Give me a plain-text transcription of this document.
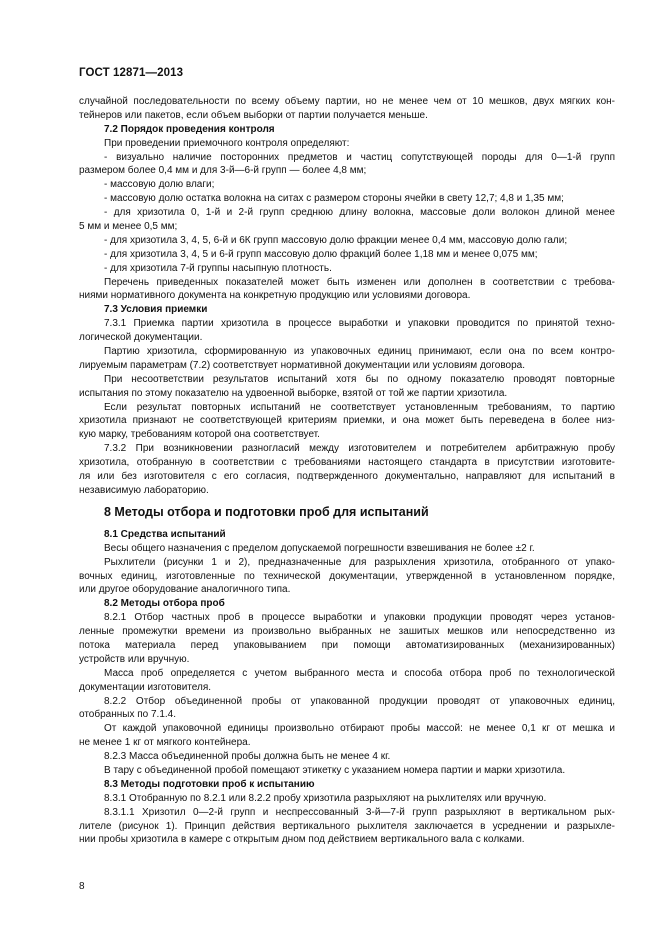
ГОСТ 12871—2013
случайной последовательности по всему объему партии, но не менее чем от 10 мешков, двух мягких кон-
тейнеров или пакетов, если объем выборки от партии получается меньше.
7.2 Порядок проведения контроля
При проведении приемочного контроля определяют:
- визуально наличие посторонних предметов и частиц сопутствующей породы для 0—1-й групп
размером более 0,4 мм и для 3-й—6-й групп — более 4,8 мм;
- массовую долю влаги;
- массовую долю остатка волокна на ситах с размером стороны ячейки в свету 12,7; 4,8 и 1,35 мм;
- для хризотила 0, 1-й и 2-й групп среднюю длину волокна, массовые доли волокон длиной менее
5 мм и менее 0,5 мм;
- для хризотила 3, 4, 5, 6-й и 6К групп массовую долю фракции менее 0,4 мм, массовую долю гали;
- для хризотила 3, 4, 5 и 6-й групп массовую долю фракций более 1,18 мм и менее 0,075 мм;
- для хризотила 7-й группы насыпную плотность.
Перечень приведенных показателей может быть изменен или дополнен в соответствии с требова-
ниями нормативного документа на конкретную продукцию или условиями договора.
7.3 Условия приемки
7.3.1 Приемка партии хризотила в процессе выработки и упаковки проводится по принятой техно-
логической документации.
Партию хризотила, сформированную из упаковочных единиц принимают, если она по всем контро-
лируемым параметрам (7.2) соответствует нормативной документации или условиям договора.
При несоответствии результатов испытаний хотя бы по одному показателю проводят повторные
испытания по этому показателю на удвоенной выборке, взятой от той же партии хризотила.
Если результат повторных испытаний не соответствует установленным требованиям, то партию
хризотила признают не соответствующей критериям приемки, и она может быть переведена в более низ-
кую марку, требованиям которой она соответствует.
7.3.2 При возникновении разногласий между изготовителем и потребителем арбитражную пробу
хризотила, отобранную в соответствии с требованиями настоящего стандарта в присутствии изготовите-
ля или без изготовителя с его согласия, подтвержденного документально, направляют для испытаний в
независимую лабораторию.
8 Методы отбора и подготовки проб для испытаний
8.1 Средства испытаний
Весы общего назначения с пределом допускаемой погрешности взвешивания не более ±2 г.
Рыхлители (рисунки 1 и 2), предназначенные для разрыхления хризотила, отобранного от упако-
вочных единиц, изготовленные по технической документации, утвержденной в установленном порядке,
или другое оборудование аналогичного типа.
8.2 Методы отбора проб
8.2.1 Отбор частных проб в процессе выработки и упаковки продукции проводят через установ-
ленные промежутки времени из произвольно выбранных не зашитых мешков или непосредственно из
потока материала перед упаковыванием при помощи автоматизированных (механизированных)
устройств или вручную.
Масса проб определяется с учетом выбранного места и способа отбора проб по технологической
документации изготовителя.
8.2.2 Отбор объединенной пробы от упакованной продукции проводят от упаковочных единиц,
отобранных по 7.1.4.
От каждой упаковочной единицы произвольно отбирают пробы массой: не менее 0,1 кг от мешка и
не менее 1 кг от мягкого контейнера.
8.2.3 Масса объединенной пробы должна быть не менее 4 кг.
В тару с объединенной пробой помещают этикетку с указанием номера партии и марки хризотила.
8.3 Методы подготовки проб к испытанию
8.3.1 Отобранную по 8.2.1 или 8.2.2 пробу хризотила разрыхляют на рыхлителях или вручную.
8.3.1.1 Хризотил 0—2-й групп и неспрессованный 3-й—7-й групп разрыхляют в вертикальном рых-
лителе (рисунок 1). Принцип действия вертикального рыхлителя заключается в усреднении и разрыхле-
нии пробы хризотила в камере с открытым дном под действием вертикального вала с колками.
8
